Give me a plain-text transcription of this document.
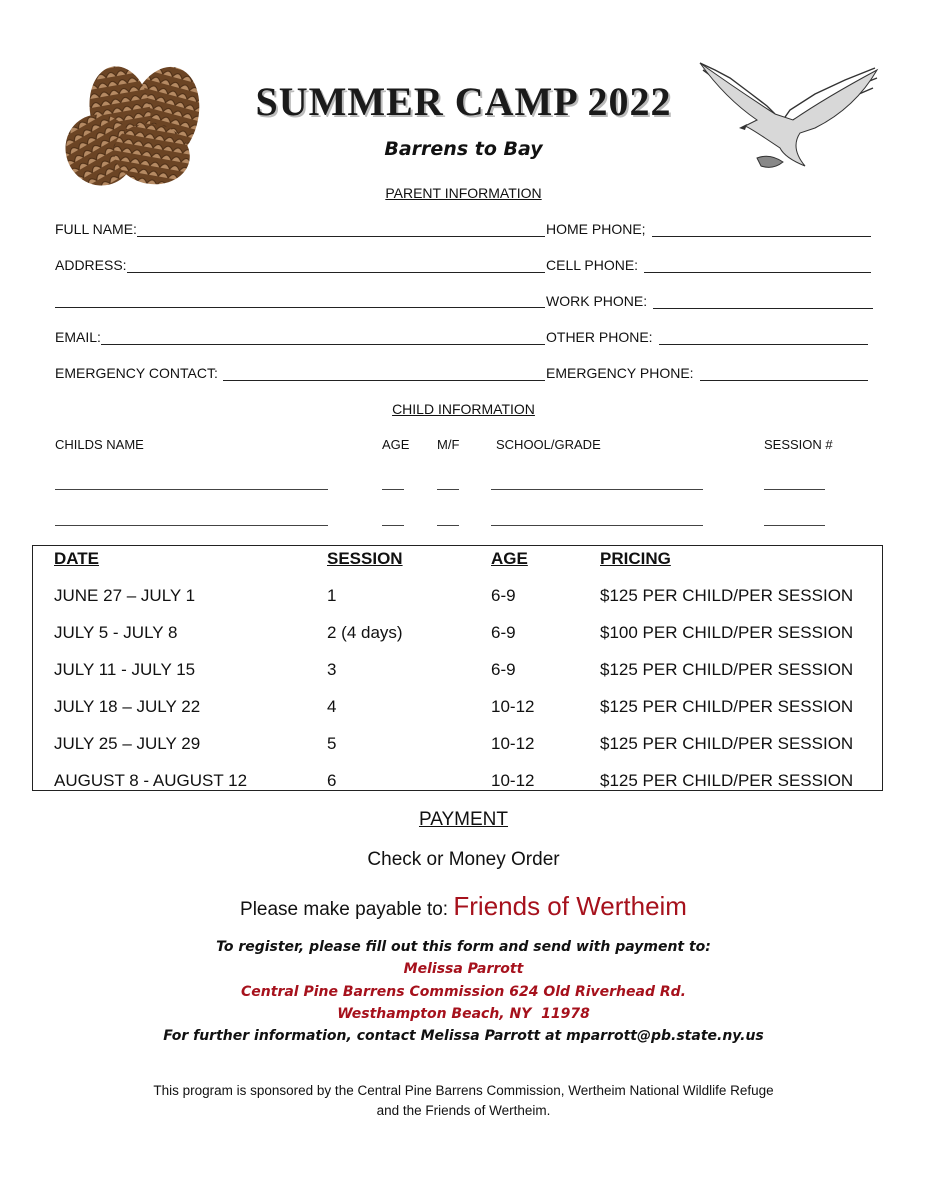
SUMMER CAMP 2022
Barrens to Bay
PARENT INFORMATION
FULL NAME:
ADDRESS:
EMAIL:
EMERGENCY CONTACT:
HOME PHONE;
CELL PHONE:
WORK PHONE:
OTHER PHONE:
EMERGENCY PHONE:
CHILD INFORMATION
CHILDS NAME	AGE M/F	SCHOOL/GRADE	SESSION #
DATE	SESSION	AGE	PRICING
JUNE 27 – JULY 1	1	6-9	$125 PER CHILD/PER SESSION
JULY 5 - JULY 8	2 (4 days)	6-9	$100 PER CHILD/PER SESSION
JULY 11 - JULY 15	3	6-9	$125 PER CHILD/PER SESSION
JULY 18 – JULY 22	4	10-12	$125 PER CHILD/PER SESSION
JULY 25 – JULY 29	5	10-12	$125 PER CHILD/PER SESSION
AUGUST 8 - AUGUST 12	6	10-12	$125 PER CHILD/PER SESSION
PAYMENT
Check or Money Order
Please make payable to: Friends of Wertheim
To register, please fill out this form and send with payment to:
Melissa Parrott
Central Pine Barrens Commission 624 Old Riverhead Rd.
Westhampton Beach, NY  11978
For further information, contact Melissa Parrott at mparrott@pb.state.ny.us
This program is sponsored by the Central Pine Barrens Commission, Wertheim National Wildlife Refuge
and the Friends of Wertheim.
